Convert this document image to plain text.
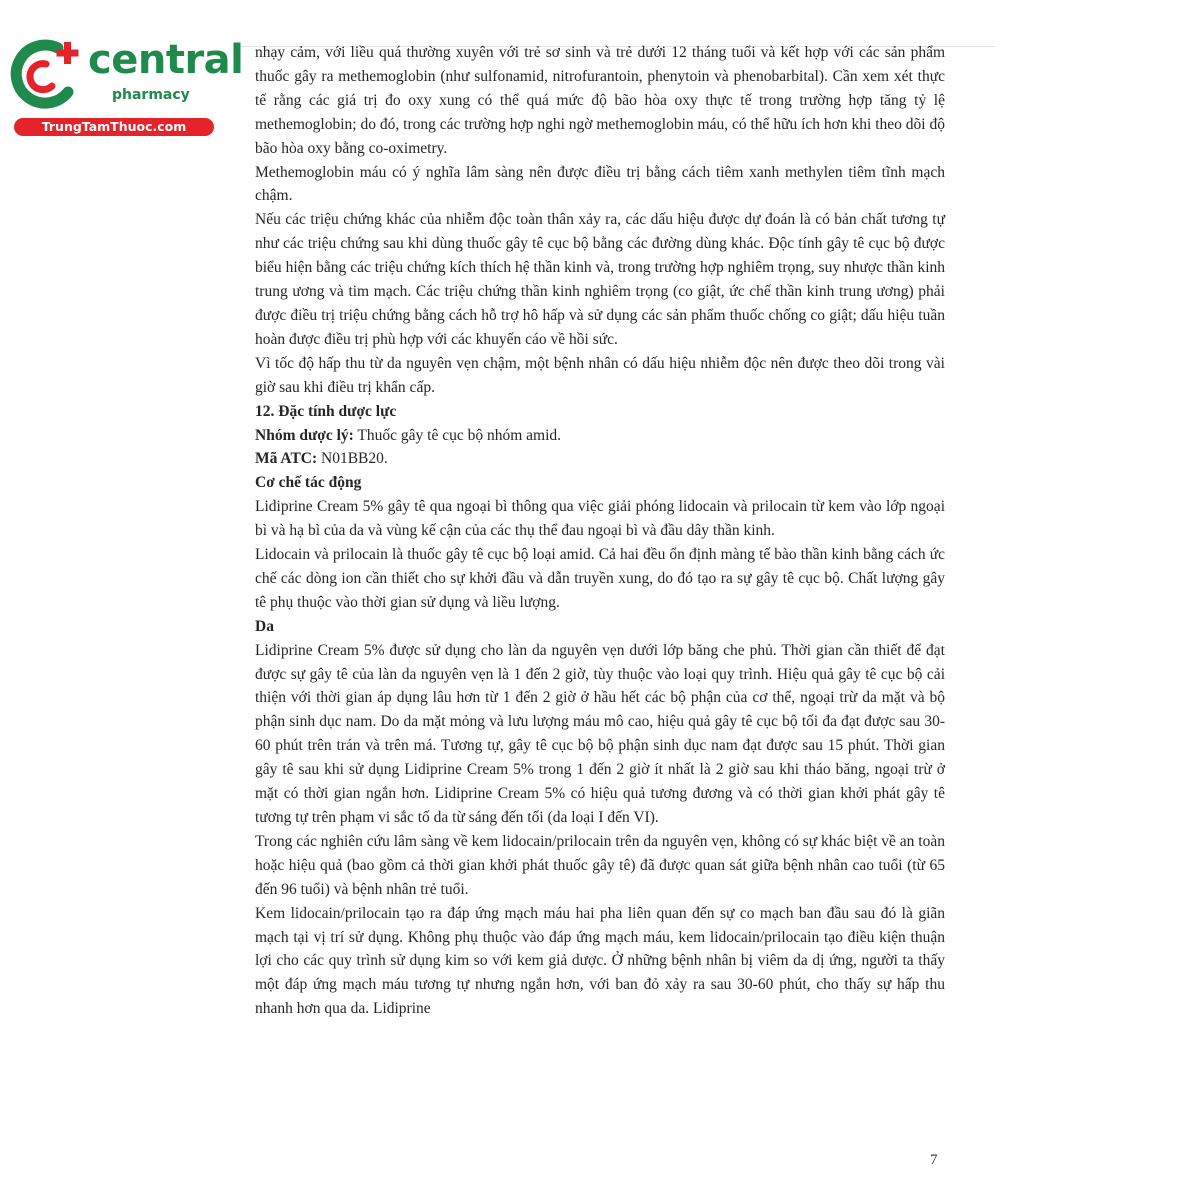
central
pharmacy
TrungTamThuoc.com

nhạy cảm, với liều quá thường xuyên với trẻ sơ sinh và trẻ dưới 12 tháng tuổi và kết hợp với các sản phẩm thuốc gây ra methemoglobin (như sulfonamid, nitrofurantoin, phenytoin và phenobarbital). Cần xem xét thực tế rằng các giá trị đo oxy xung có thể quá mức độ bão hòa oxy thực tế trong trường hợp tăng tỷ lệ methemoglobin; do đó, trong các trường hợp nghi ngờ methemoglobin máu, có thể hữu ích hơn khi theo dõi độ bão hòa oxy bằng co-oximetry.

Methemoglobin máu có ý nghĩa lâm sàng nên được điều trị bằng cách tiêm xanh methylen tiêm tĩnh mạch chậm.

Nếu các triệu chứng khác của nhiễm độc toàn thân xảy ra, các dấu hiệu được dự đoán là có bản chất tương tự như các triệu chứng sau khi dùng thuốc gây tê cục bộ bằng các đường dùng khác. Độc tính gây tê cục bộ được biểu hiện bằng các triệu chứng kích thích hệ thần kinh và, trong trường hợp nghiêm trọng, suy nhược thần kinh trung ương và tim mạch. Các triệu chứng thần kinh nghiêm trọng (co giật, ức chế thần kinh trung ương) phải được điều trị triệu chứng bằng cách hỗ trợ hô hấp và sử dụng các sản phẩm thuốc chống co giật; dấu hiệu tuần hoàn được điều trị phù hợp với các khuyến cáo về hồi sức.

Vì tốc độ hấp thu từ da nguyên vẹn chậm, một bệnh nhân có dấu hiệu nhiễm độc nên được theo dõi trong vài giờ sau khi điều trị khẩn cấp.

12. Đặc tính dược lực

Nhóm dược lý: Thuốc gây tê cục bộ nhóm amid.

Mã ATC: N01BB20.

Cơ chế tác động

Lidiprine Cream 5% gây tê qua ngoại bì thông qua việc giải phóng lidocain và prilocain từ kem vào lớp ngoại bì và hạ bì của da và vùng kế cận của các thụ thể đau ngoại bì và đầu dây thần kinh.

Lidocain và prilocain là thuốc gây tê cục bộ loại amid. Cả hai đều ổn định màng tế bào thần kinh bằng cách ức chế các dòng ion cần thiết cho sự khởi đầu và dẫn truyền xung, do đó tạo ra sự gây tê cục bộ. Chất lượng gây tê phụ thuộc vào thời gian sử dụng và liều lượng.

Da

Lidiprine Cream 5% được sử dụng cho làn da nguyên vẹn dưới lớp băng che phủ. Thời gian cần thiết để đạt được sự gây tê của làn da nguyên vẹn là 1 đến 2 giờ, tùy thuộc vào loại quy trình. Hiệu quả gây tê cục bộ cải thiện với thời gian áp dụng lâu hơn từ 1 đến 2 giờ ở hầu hết các bộ phận của cơ thể, ngoại trừ da mặt và bộ phận sinh dục nam. Do da mặt mỏng và lưu lượng máu mô cao, hiệu quả gây tê cục bộ tối đa đạt được sau 30-60 phút trên trán và trên má. Tương tự, gây tê cục bộ bộ phận sinh dục nam đạt được sau 15 phút. Thời gian gây tê sau khi sử dụng Lidiprine Cream 5% trong 1 đến 2 giờ ít nhất là 2 giờ sau khi tháo băng, ngoại trừ ở mặt có thời gian ngắn hơn. Lidiprine Cream 5% có hiệu quả tương đương và có thời gian khởi phát gây tê tương tự trên phạm vi sắc tố da từ sáng đến tối (da loại I đến VI).

Trong các nghiên cứu lâm sàng về kem lidocain/prilocain trên da nguyên vẹn, không có sự khác biệt về an toàn hoặc hiệu quả (bao gồm cả thời gian khởi phát thuốc gây tê) đã được quan sát giữa bệnh nhân cao tuổi (từ 65 đến 96 tuổi) và bệnh nhân trẻ tuổi.

Kem lidocain/prilocain tạo ra đáp ứng mạch máu hai pha liên quan đến sự co mạch ban đầu sau đó là giãn mạch tại vị trí sử dụng. Không phụ thuộc vào đáp ứng mạch máu, kem lidocain/prilocain tạo điều kiện thuận lợi cho các quy trình sử dụng kim so với kem giả dược. Ở những bệnh nhân bị viêm da dị ứng, người ta thấy một đáp ứng mạch máu tương tự nhưng ngắn hơn, với ban đỏ xảy ra sau 30-60 phút, cho thấy sự hấp thu nhanh hơn qua da. Lidiprine

7
